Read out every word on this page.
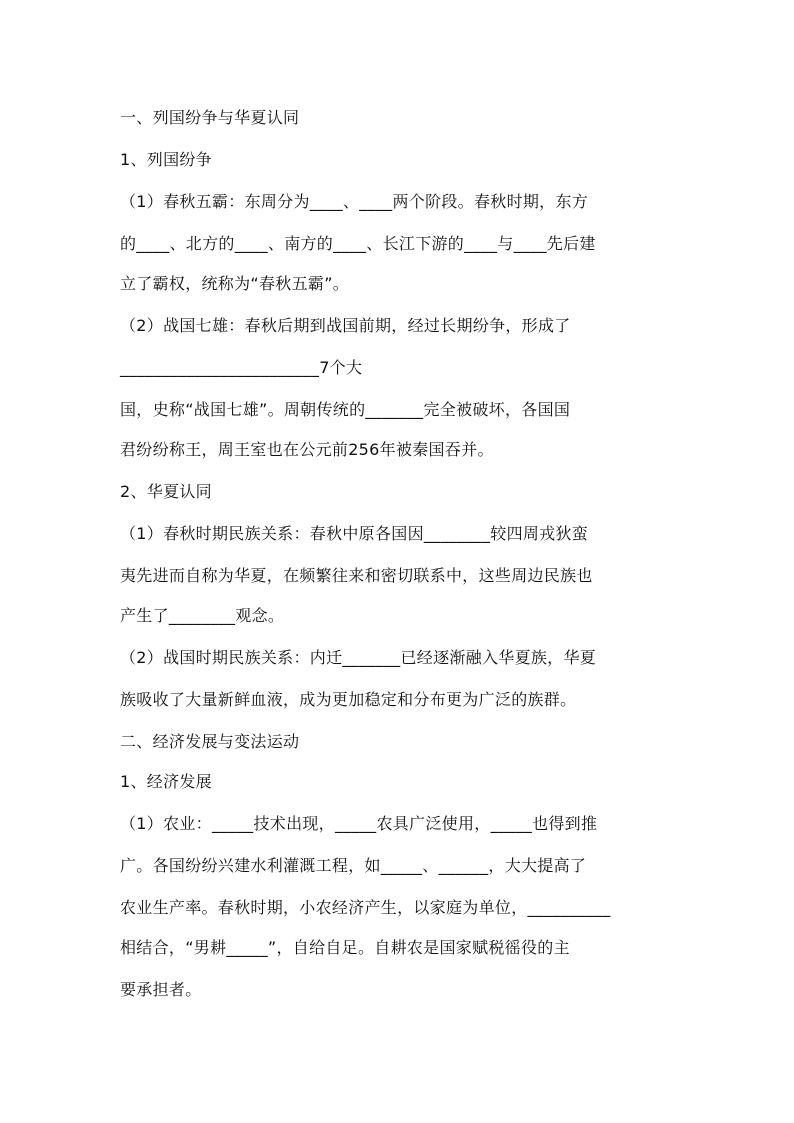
一、列国纷争与华夏认同
1、列国纷争
（1）春秋五霸：东周分为____、____两个阶段。春秋时期，东方
的____、北方的____、南方的____、长江下游的____与____先后建
立了霸权，统称为“春秋五霸”。
（2）战国七雄：春秋后期到战国前期，经过长期纷争，形成了
________________________7个大
国，史称“战国七雄”。周朝传统的_______完全被破坏，各国国
君纷纷称王，周王室也在公元前256年被秦国吞并。
2、华夏认同
（1）春秋时期民族关系：春秋中原各国因________较四周戎狄蛮
夷先进而自称为华夏，在频繁往来和密切联系中，这些周边民族也
产生了________观念。
（2）战国时期民族关系：内迁_______已经逐渐融入华夏族，华夏
族吸收了大量新鲜血液，成为更加稳定和分布更为广泛的族群。
二、经济发展与变法运动
1、经济发展
（1）农业：_____技术出现，_____农具广泛使用，_____也得到推
广。各国纷纷兴建水利灌溉工程，如_____、______，大大提高了
农业生产率。春秋时期，小农经济产生，以家庭为单位，__________
相结合，“男耕_____”，自给自足。自耕农是国家赋税徭役的主
要承担者。
